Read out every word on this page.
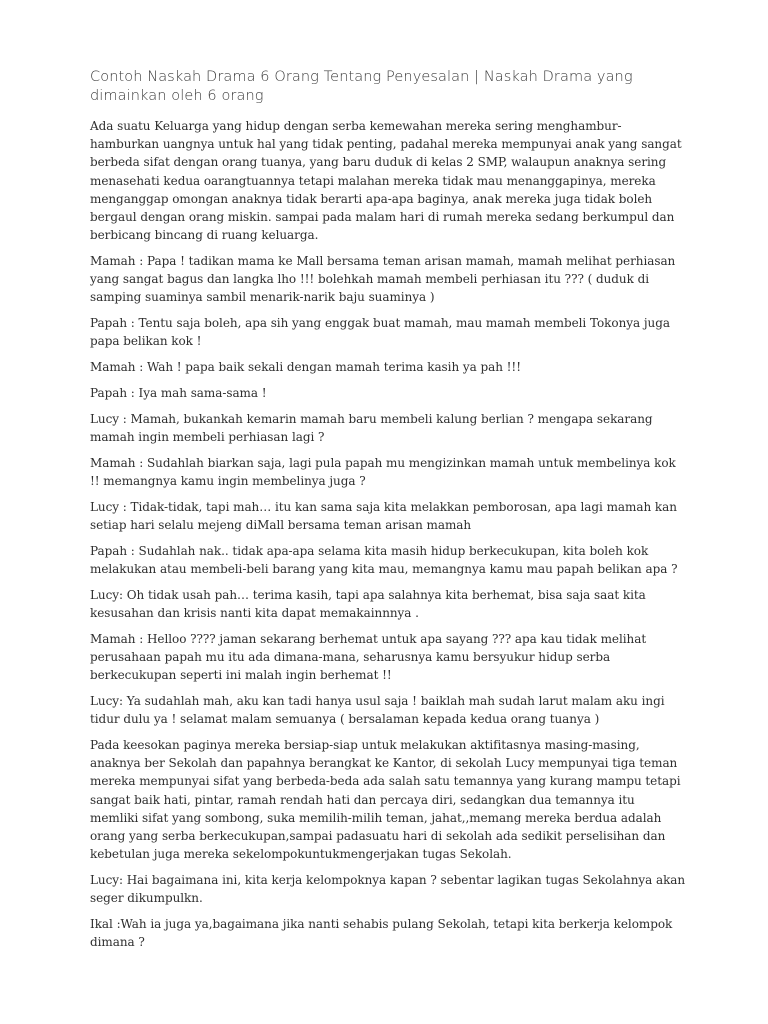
Contoh Naskah Drama 6 Orang Tentang Penyesalan | Naskah Drama yang dimainkan oleh 6 orang
Ada suatu Keluarga yang hidup dengan serba kemewahan mereka sering menghambur-hamburkan uangnya untuk hal yang tidak penting, padahal mereka mempunyai anak yang sangat berbeda sifat dengan orang tuanya, yang baru duduk di kelas 2 SMP, walaupun anaknya sering menasehati kedua oarangtuannya tetapi malahan mereka tidak mau menanggapinya, mereka menganggap omongan anaknya tidak berarti apa-apa baginya, anak mereka juga tidak boleh bergaul dengan orang miskin. sampai pada malam hari di rumah mereka sedang berkumpul dan berbicang bincang di ruang keluarga.
Mamah : Papa ! tadikan mama ke Mall bersama teman arisan mamah, mamah melihat perhiasan yang sangat bagus dan langka lho !!! bolehkah mamah membeli perhiasan itu ??? ( duduk di samping suaminya sambil menarik-narik baju suaminya )
Papah : Tentu saja boleh, apa sih yang enggak buat mamah, mau mamah membeli Tokonya juga papa belikan kok !
Mamah : Wah ! papa baik sekali dengan mamah terima kasih ya pah !!!
Papah : Iya mah sama-sama !
Lucy : Mamah, bukankah kemarin mamah baru membeli kalung berlian ? mengapa sekarang mamah ingin membeli perhiasan lagi ?
Mamah : Sudahlah biarkan saja, lagi pula papah mu mengizinkan mamah untuk membelinya kok !! memangnya kamu ingin membelinya juga ?
Lucy : Tidak-tidak, tapi mah… itu kan sama saja kita melakkan pemborosan, apa lagi mamah kan setiap hari selalu mejeng diMall bersama teman arisan mamah
Papah : Sudahlah nak.. tidak apa-apa selama kita masih hidup berkecukupan, kita boleh kok melakukan atau membeli-beli barang yang kita mau, memangnya kamu mau papah belikan apa ?
Lucy: Oh tidak usah pah… terima kasih, tapi apa salahnya kita berhemat, bisa saja saat kita kesusahan dan krisis nanti kita dapat memakainnnya .
Mamah : Helloo ???? jaman sekarang berhemat untuk apa sayang ??? apa kau tidak melihat perusahaan papah mu itu ada dimana-mana, seharusnya kamu bersyukur hidup serba berkecukupan seperti ini malah ingin berhemat !!
Lucy: Ya sudahlah mah, aku kan tadi hanya usul saja ! baiklah mah sudah larut malam aku ingi tidur dulu ya ! selamat malam semuanya ( bersalaman kepada kedua orang tuanya )
Pada keesokan paginya mereka bersiap-siap untuk melakukan aktifitasnya masing-masing, anaknya ber Sekolah dan papahnya berangkat ke Kantor, di sekolah Lucy mempunyai tiga teman mereka mempunyai sifat yang berbeda-beda ada salah satu temannya yang kurang mampu tetapi sangat baik hati, pintar, ramah rendah hati dan percaya diri, sedangkan dua temannya itu memliki sifat yang sombong, suka memilih-milih teman, jahat,,memang mereka berdua adalah orang yang serba berkecukupan,sampai padasuatu hari di sekolah ada sedikit perselisihan dan kebetulan juga mereka sekelompokuntukmengerjakan tugas Sekolah.
Lucy: Hai bagaimana ini, kita kerja kelompoknya kapan ? sebentar lagikan tugas Sekolahnya akan seger dikumpulkn.
Ikal :Wah ia juga ya,bagaimana jika nanti sehabis pulang Sekolah, tetapi kita berkerja kelompok dimana ?
